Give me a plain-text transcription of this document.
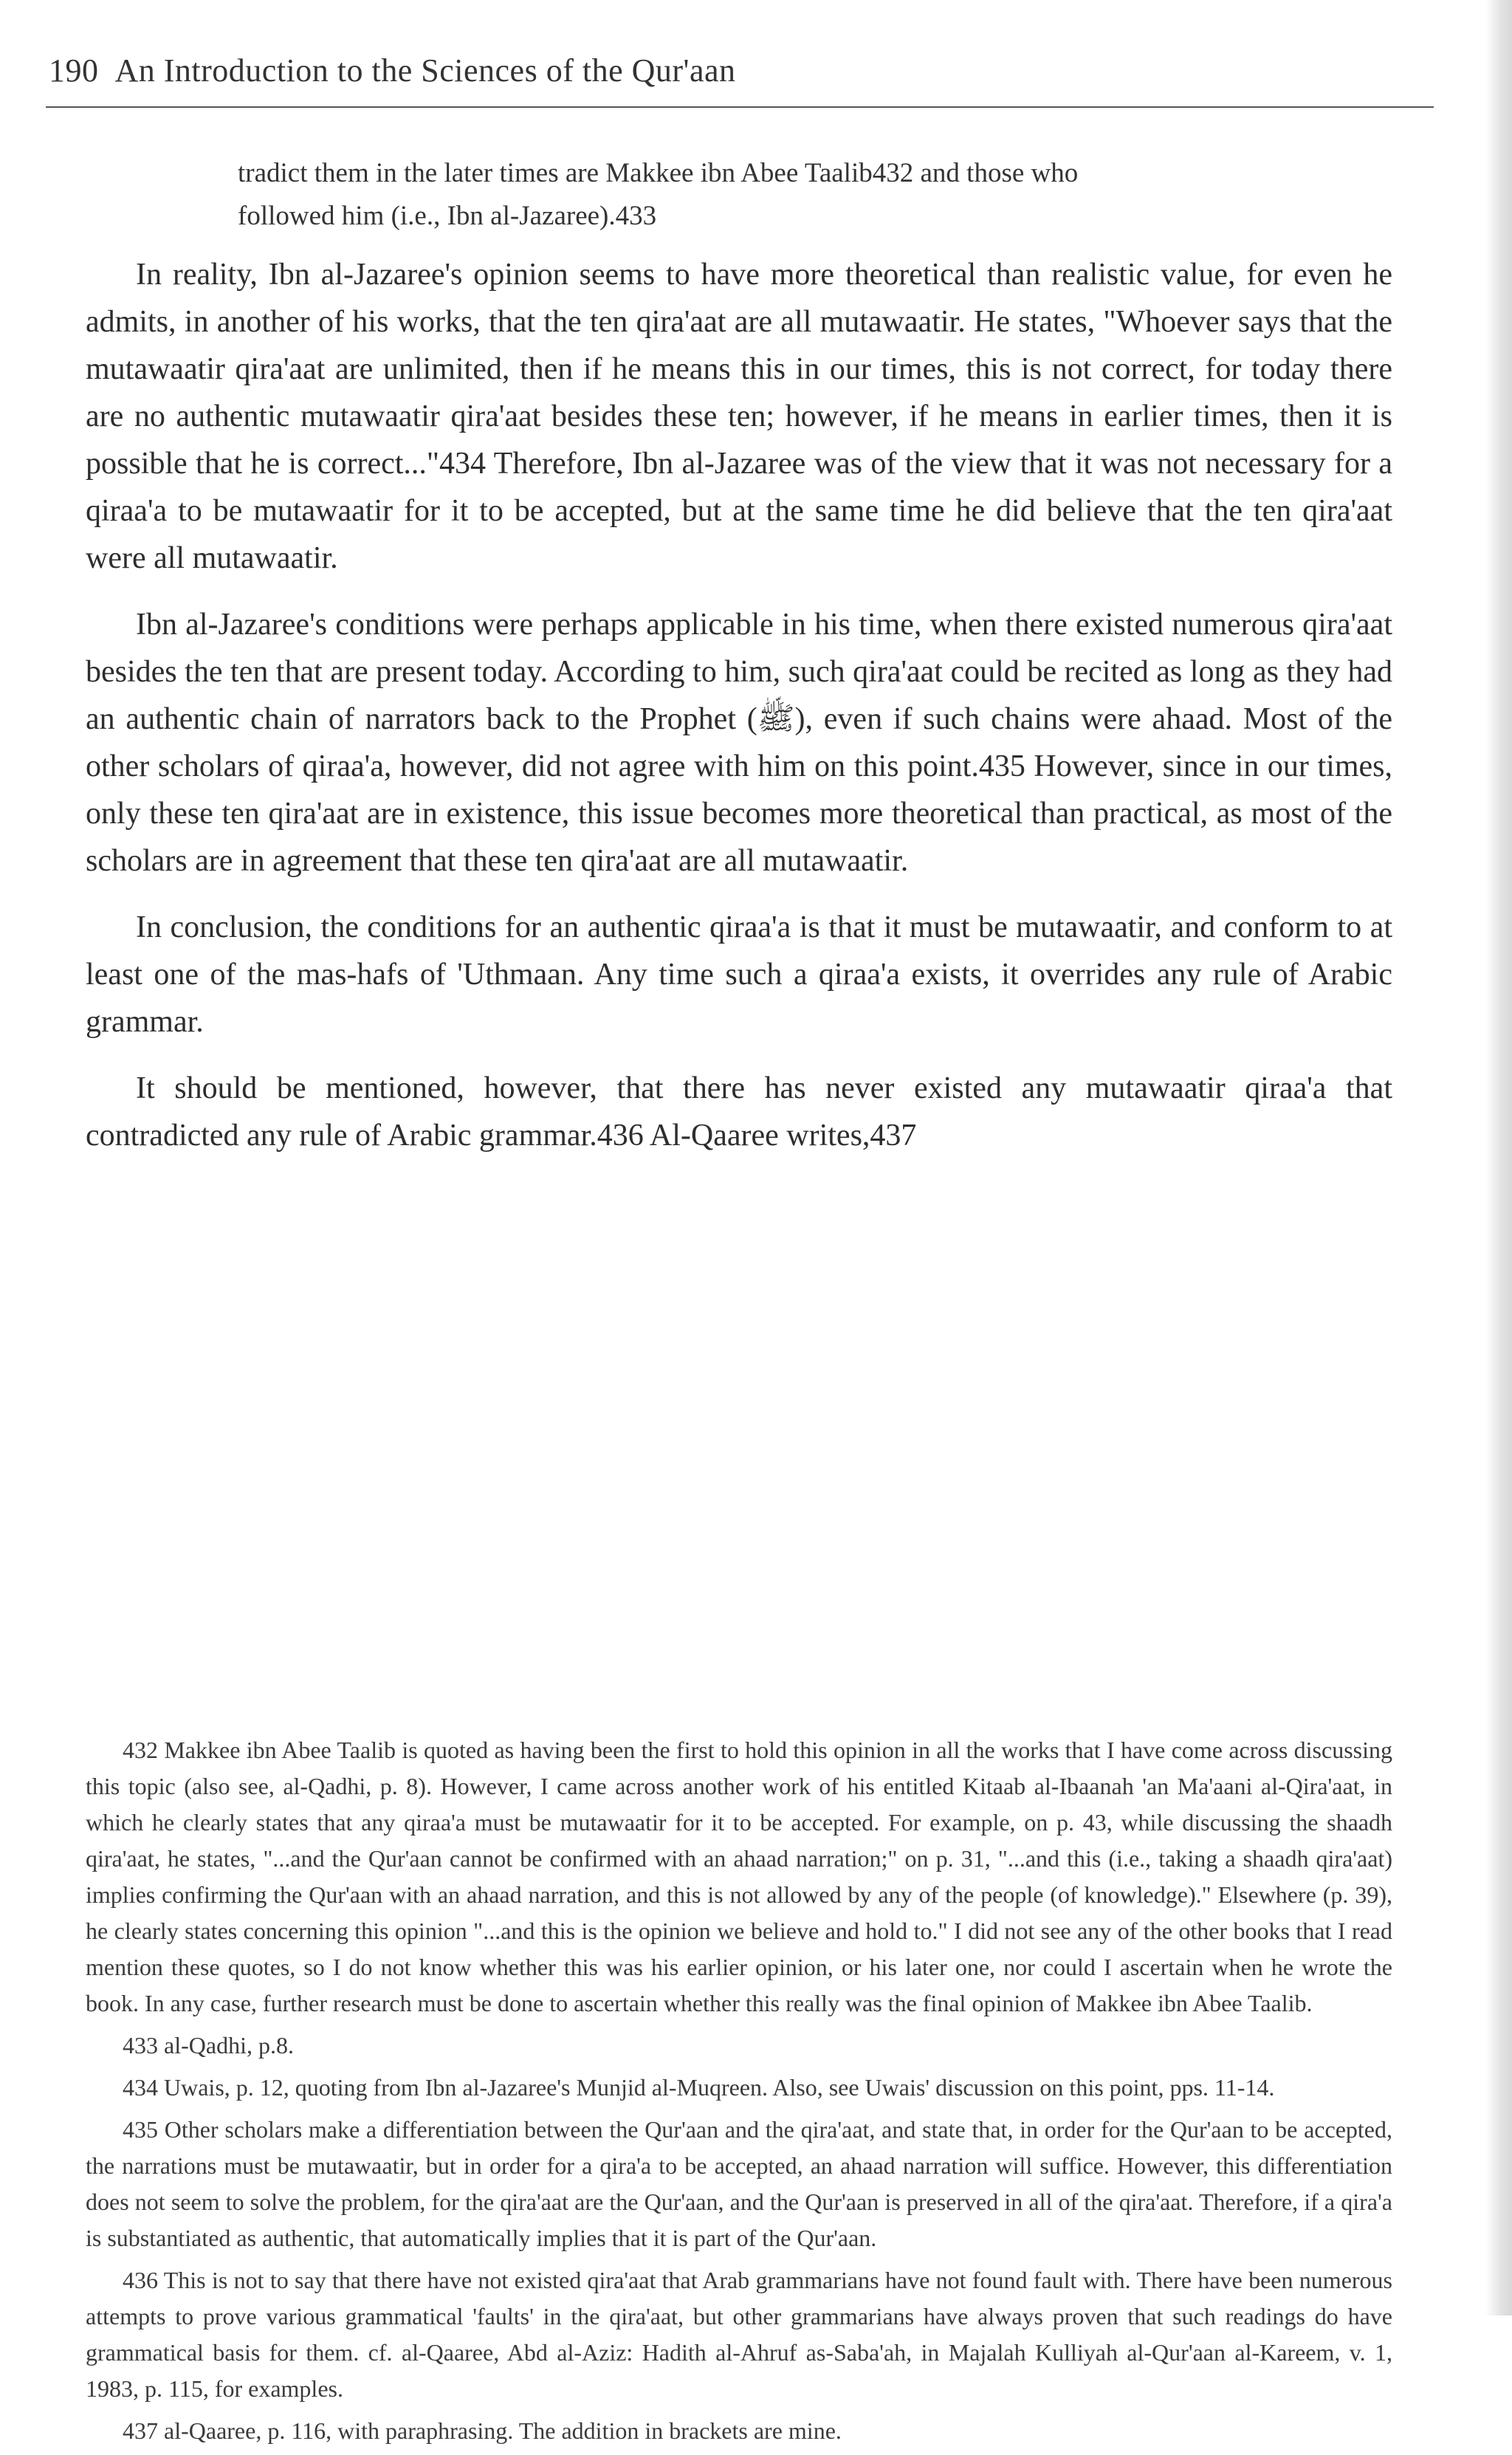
190 An Introduction to the Sciences of the Qur'aan
tradict them in the later times are Makkee ibn Abee Taalib432 and those who
followed him (i.e., Ibn al-Jazaree).433

In reality, Ibn al-Jazaree's opinion seems to have more theoretical than realistic value, for even he admits, in another of his works, that the ten qira'aat are all mutawaatir. He states, "Whoever says that the mutawaatir qira'aat are unlimited, then if he means this in our times, this is not correct, for today there are no authentic mutawaatir qira'aat besides these ten; however, if he means in earlier times, then it is possible that he is correct..."434 Therefore, Ibn al-Jazaree was of the view that it was not necessary for a qiraa'a to be mutawaatir for it to be accepted, but at the same time he did believe that the ten qira'aat were all mutawaatir.

Ibn al-Jazaree's conditions were perhaps applicable in his time, when there existed numerous qira'aat besides the ten that are present today. According to him, such qira'aat could be recited as long as they had an authentic chain of narrators back to the Prophet (ﷺ), even if such chains were ahaad. Most of the other scholars of qiraa'a, however, did not agree with him on this point.435 However, since in our times, only these ten qira'aat are in existence, this issue becomes more theoretical than practical, as most of the scholars are in agreement that these ten qira'aat are all mutawaatir.

In conclusion, the conditions for an authentic qiraa'a is that it must be mutawaatir, and conform to at least one of the mas-hafs of 'Uthmaan. Any time such a qiraa'a exists, it overrides any rule of Arabic grammar.

It should be mentioned, however, that there has never existed any mutawaatir qiraa'a that contradicted any rule of Arabic grammar.436 Al-Qaaree writes,437

432 Makkee ibn Abee Taalib is quoted as having been the first to hold this opinion in all the works that I have come across discussing this topic (also see, al-Qadhi, p. 8). However, I came across another work of his entitled Kitaab al-Ibaanah 'an Ma'aani al-Qira'aat, in which he clearly states that any qiraa'a must be mutawaatir for it to be accepted. For example, on p. 43, while discussing the shaadh qira'aat, he states, "...and the Qur'aan cannot be confirmed with an ahaad narration;" on p. 31, "...and this (i.e., taking a shaadh qira'aat) implies confirming the Qur'aan with an ahaad narration, and this is not allowed by any of the people (of knowledge)." Elsewhere (p. 39), he clearly states concerning this opinion "...and this is the opinion we believe and hold to." I did not see any of the other books that I read mention these quotes, so I do not know whether this was his earlier opinion, or his later one, nor could I ascertain when he wrote the book. In any case, further research must be done to ascertain whether this really was the final opinion of Makkee ibn Abee Taalib.

433 al-Qadhi, p.8.

434 Uwais, p. 12, quoting from Ibn al-Jazaree's Munjid al-Muqreen. Also, see Uwais' discussion on this point, pps. 11-14.

435 Other scholars make a differentiation between the Qur'aan and the qira'aat, and state that, in order for the Qur'aan to be accepted, the narrations must be mutawaatir, but in order for a qira'a to be accepted, an ahaad narration will suffice. However, this differentiation does not seem to solve the problem, for the qira'aat are the Qur'aan, and the Qur'aan is preserved in all of the qira'aat. Therefore, if a qira'a is substantiated as authentic, that automatically implies that it is part of the Qur'aan.

436 This is not to say that there have not existed qira'aat that Arab grammarians have not found fault with. There have been numerous attempts to prove various grammatical 'faults' in the qira'aat, but other grammarians have always proven that such readings do have grammatical basis for them. cf. al-Qaaree, Abd al-Aziz: Hadith al-Ahruf as-Saba'ah, in Majalah Kulliyah al-Qur'aan al-Kareem, v. 1, 1983, p. 115, for examples.

437 al-Qaaree, p. 116, with paraphrasing. The addition in brackets are mine.
